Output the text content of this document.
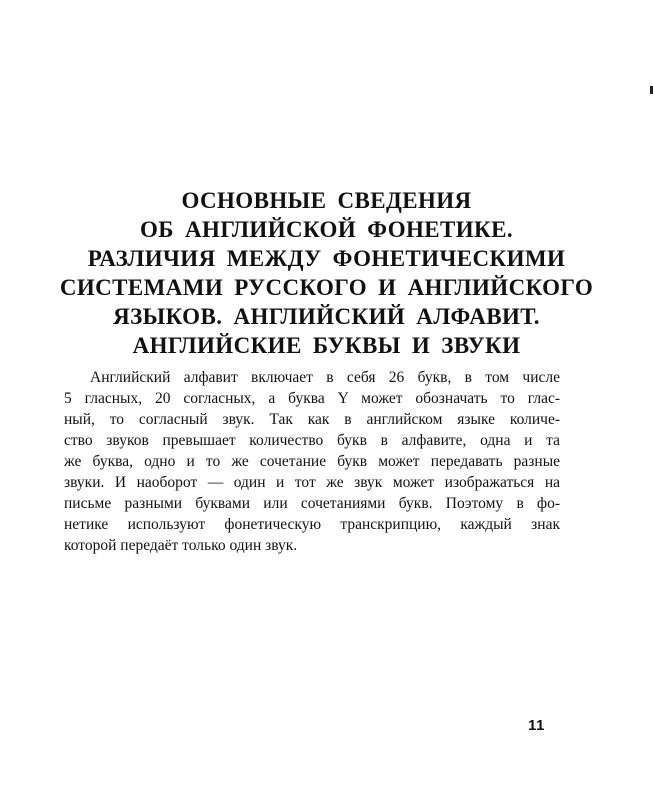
ОСНОВНЫЕ СВЕДЕНИЯ
ОБ АНГЛИЙСКОЙ ФОНЕТИКЕ.
РАЗЛИЧИЯ МЕЖДУ ФОНЕТИЧЕСКИМИ
СИСТЕМАМИ РУССКОГО И АНГЛИЙСКОГО
ЯЗЫКОВ. АНГЛИЙСКИЙ АЛФАВИТ.
АНГЛИЙСКИЕ БУКВЫ И ЗВУКИ
Английский алфавит включает в себя 26 букв, в том числе
5 гласных, 20 согласных, а буква Y может обозначать то глас-
ный, то согласный звук. Так как в английском языке количе-
ство звуков превышает количество букв в алфавите, одна и та
же буква, одно и то же сочетание букв может передавать разные
звуки. И наоборот — один и тот же звук может изображаться на
письме разными буквами или сочетаниями букв. Поэтому в фо-
нетике используют фонетическую транскрипцию, каждый знак
которой передаёт только один звук.
11
